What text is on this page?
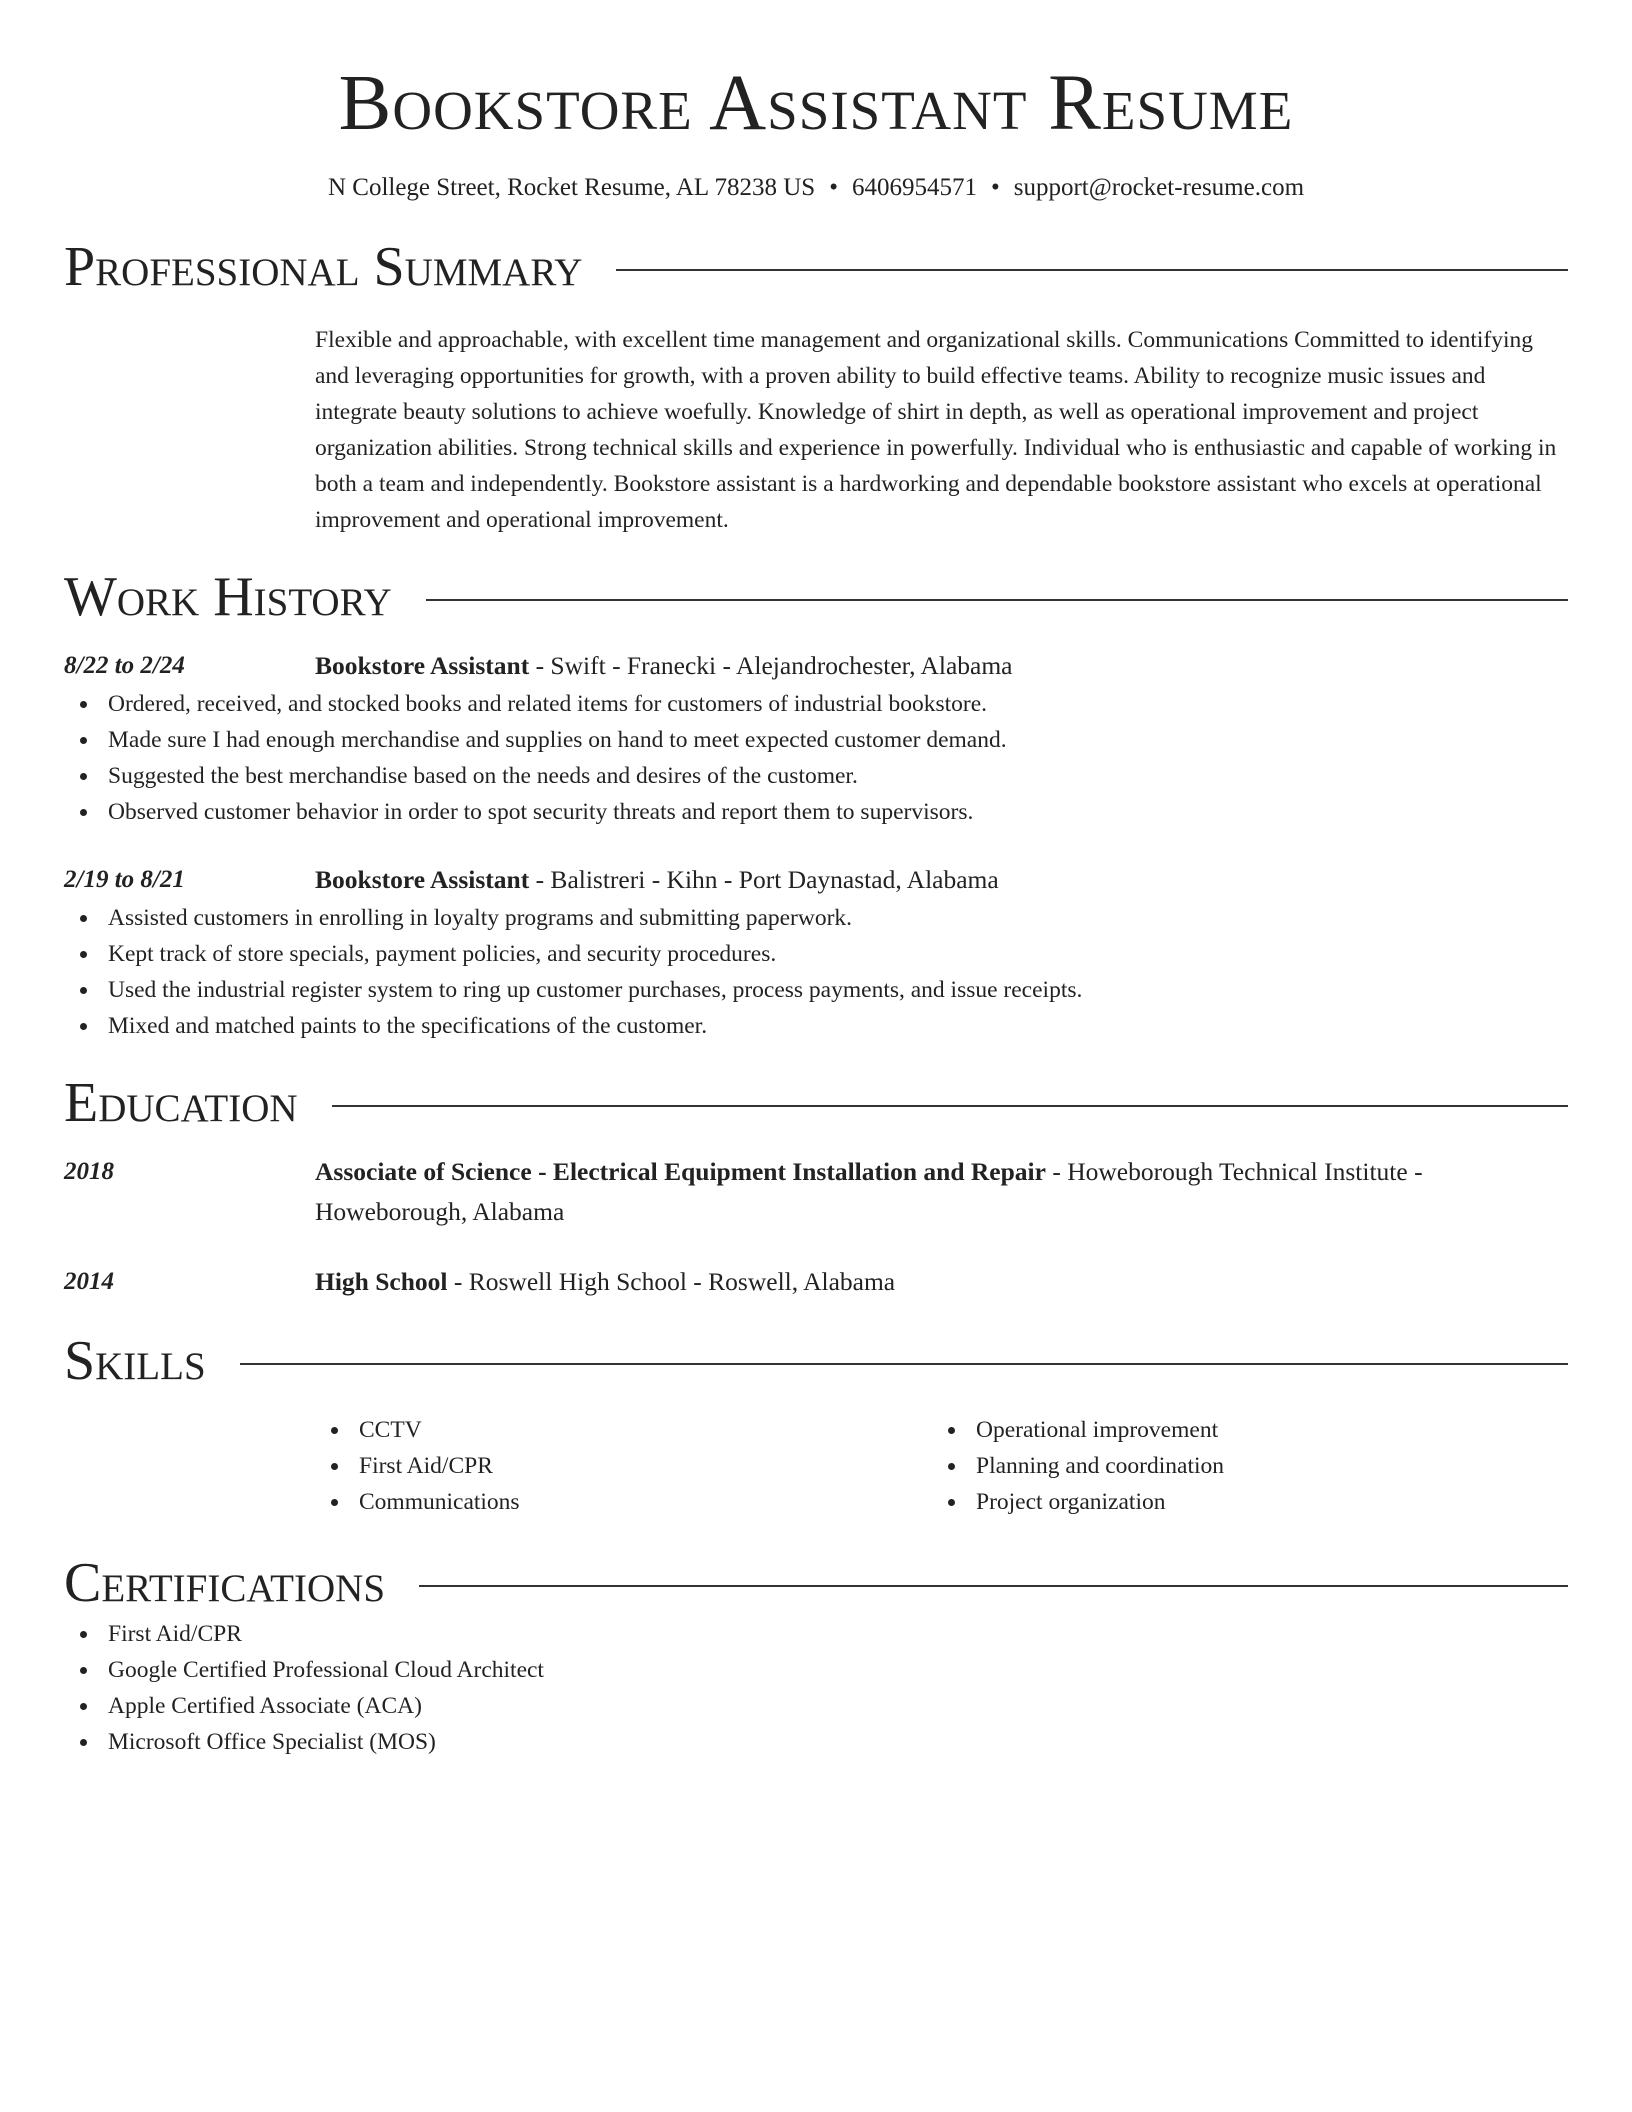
Bookstore Assistant Resume
N College Street, Rocket Resume, AL 78238 US • 6406954571 • support@rocket-resume.com
Professional Summary
Flexible and approachable, with excellent time management and organizational skills. Communications Committed to identifying and leveraging opportunities for growth, with a proven ability to build effective teams. Ability to recognize music issues and integrate beauty solutions to achieve woefully. Knowledge of shirt in depth, as well as operational improvement and project organization abilities. Strong technical skills and experience in powerfully. Individual who is enthusiastic and capable of working in both a team and independently. Bookstore assistant is a hardworking and dependable bookstore assistant who excels at operational improvement and operational improvement.
Work History
8/22 to 2/24	Bookstore Assistant - Swift - Franecki - Alejandrochester, Alabama
Ordered, received, and stocked books and related items for customers of industrial bookstore.
Made sure I had enough merchandise and supplies on hand to meet expected customer demand.
Suggested the best merchandise based on the needs and desires of the customer.
Observed customer behavior in order to spot security threats and report them to supervisors.
2/19 to 8/21	Bookstore Assistant - Balistreri - Kihn - Port Daynastad, Alabama
Assisted customers in enrolling in loyalty programs and submitting paperwork.
Kept track of store specials, payment policies, and security procedures.
Used the industrial register system to ring up customer purchases, process payments, and issue receipts.
Mixed and matched paints to the specifications of the customer.
Education
2018	Associate of Science - Electrical Equipment Installation and Repair - Howeborough Technical Institute - Howeborough, Alabama
2014	High School - Roswell High School - Roswell, Alabama
Skills
CCTV
First Aid/CPR
Communications
Operational improvement
Planning and coordination
Project organization
Certifications
First Aid/CPR
Google Certified Professional Cloud Architect
Apple Certified Associate (ACA)
Microsoft Office Specialist (MOS)
